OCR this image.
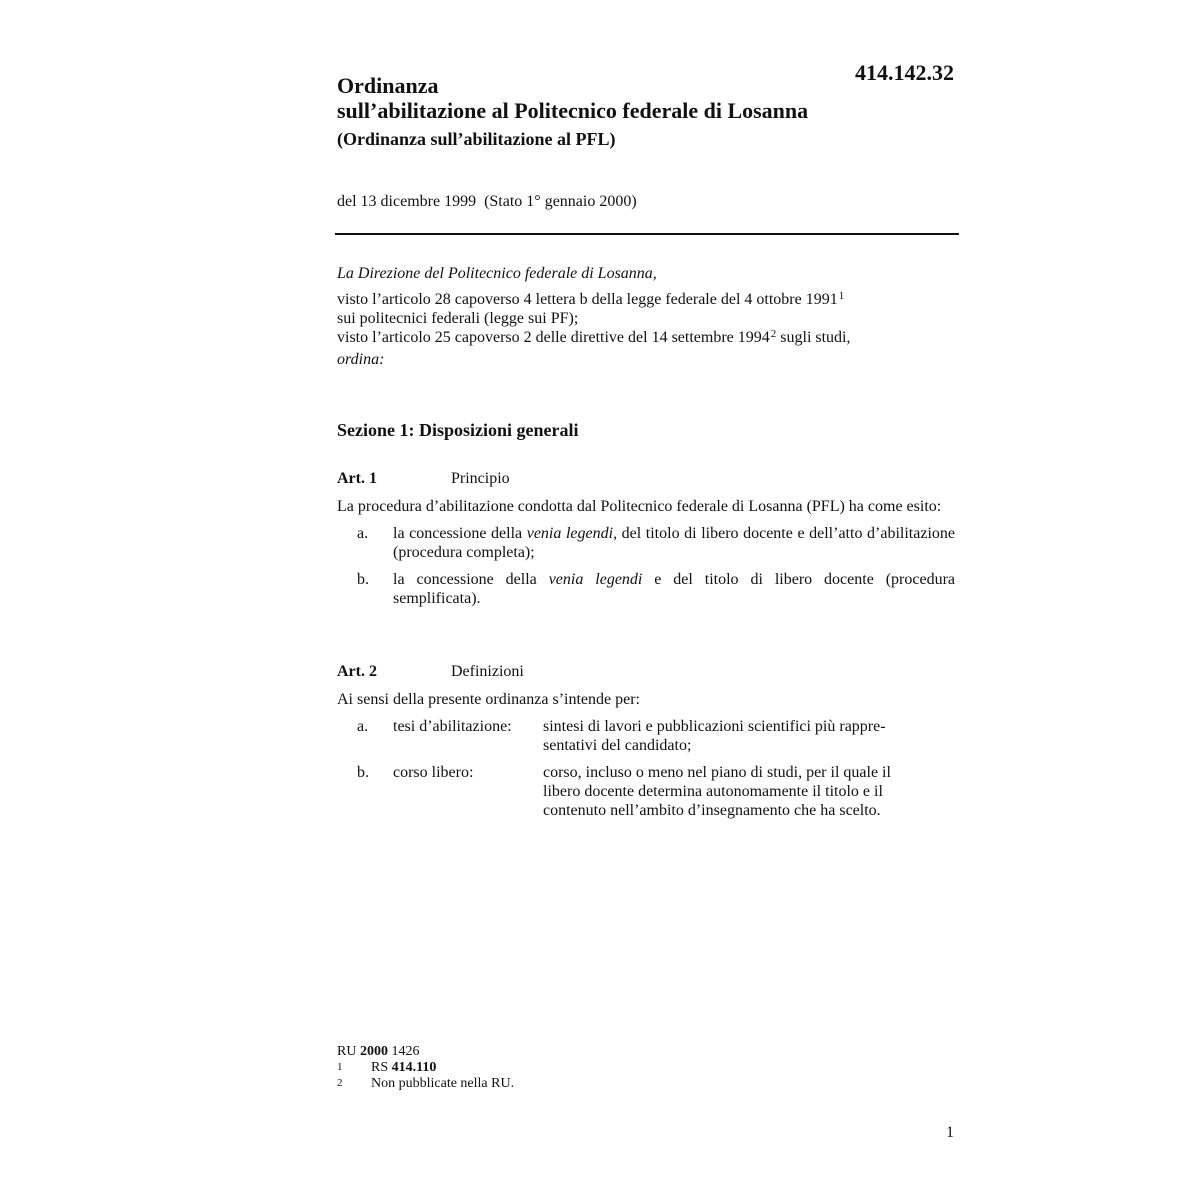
414.142.32
Ordinanza
sull’abilitazione al Politecnico federale di Losanna
(Ordinanza sull’abilitazione al PFL)
del 13 dicembre 1999  (Stato 1° gennaio 2000)
La Direzione del Politecnico federale di Losanna,
visto l’articolo 28 capoverso 4 lettera b della legge federale del 4 ottobre 1991$^1$
sui politecnici federali (legge sui PF);
visto l’articolo 25 capoverso 2 delle direttive del 14 settembre 1994$^2$ sugli studi,
ordina:
Sezione 1: Disposizioni generali
Art. 1	Principio
La procedura d’abilitazione condotta dal Politecnico federale di Losanna (PFL) ha come esito:
a.	la concessione della venia legendi, del titolo di libero docente e dell’atto d’abilitazione (procedura completa);
b.	la concessione della venia legendi e del titolo di libero docente (procedura semplificata).
Art. 2	Definizioni
Ai sensi della presente ordinanza s’intende per:
a.	tesi d’abilitazione:	sintesi di lavori e pubblicazioni scientifici più rappre-
sentativi del candidato;
b.	corso libero:	corso, incluso o meno nel piano di studi, per il quale il
libero docente determina autonomamente il titolo e il
contenuto nell’ambito d’insegnamento che ha scelto.
RU 2000 1426
1	RS 414.110
2	Non pubblicate nella RU.
1
